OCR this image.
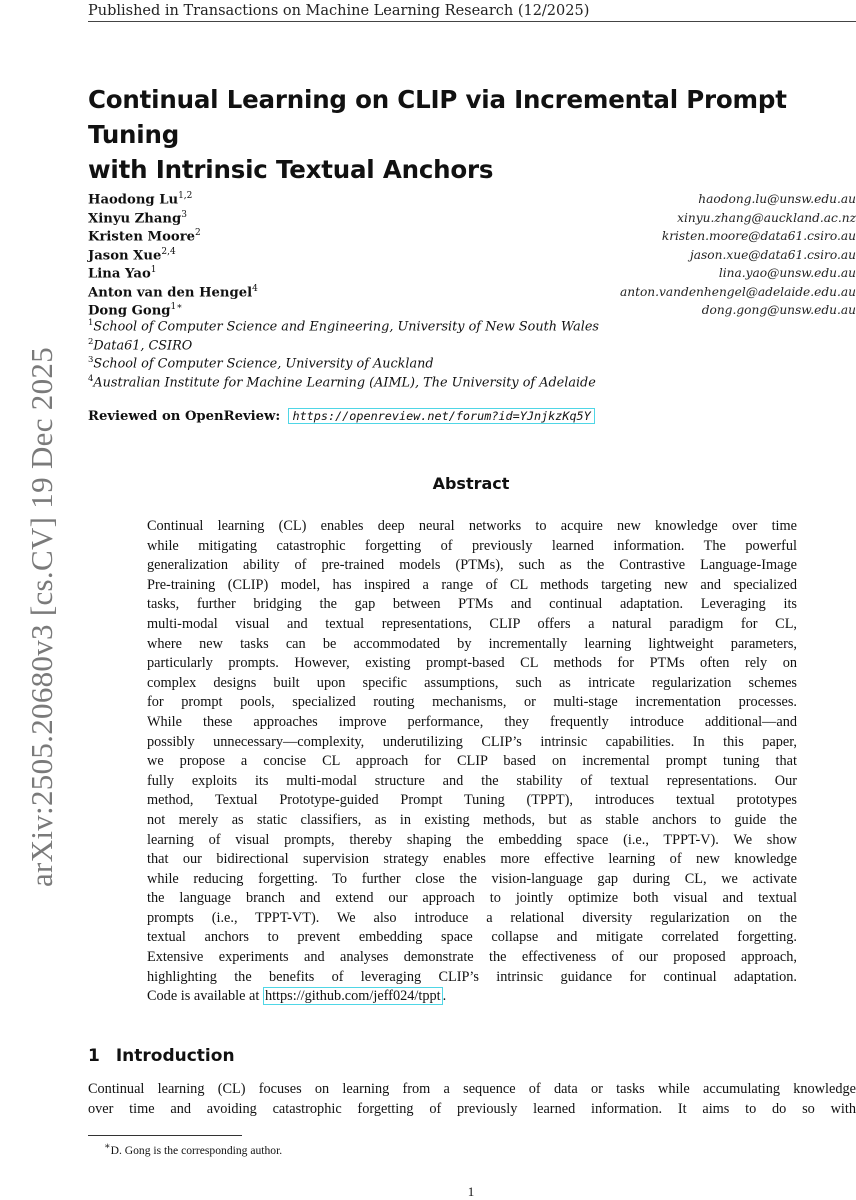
Published in Transactions on Machine Learning Research (12/2025)
arXiv:2505.20680v3 [cs.CV] 19 Dec 2025
Continual Learning on CLIP via Incremental Prompt Tuning
with Intrinsic Textual Anchors
Haodong Lu$^{1,2}$	haodong.lu@unsw.edu.au
Xinyu Zhang$^3$	xinyu.zhang@auckland.ac.nz
Kristen Moore$^2$	kristen.moore@data61.csiro.au
Jason Xue$^{2,4}$	jason.xue@data61.csiro.au
Lina Yao$^1$	lina.yao@unsw.edu.au
Anton van den Hengel$^4$	anton.vandenhengel@adelaide.edu.au
Dong Gong$^{1∗}$	dong.gong@unsw.edu.au
$^1$School of Computer Science and Engineering, University of New South Wales
$^2$Data61, CSIRO
$^3$School of Computer Science, University of Auckland
$^4$Australian Institute for Machine Learning (AIML), The University of Adelaide
Reviewed on OpenReview: https://openreview.net/forum?id=YJnjkzKq5Y
Abstract
Continual learning (CL) enables deep neural networks to acquire new knowledge over time
while mitigating catastrophic forgetting of previously learned information. The powerful
generalization ability of pre-trained models (PTMs), such as the Contrastive Language-Image
Pre-training (CLIP) model, has inspired a range of CL methods targeting new and specialized
tasks, further bridging the gap between PTMs and continual adaptation. Leveraging its
multi-modal visual and textual representations, CLIP offers a natural paradigm for CL,
where new tasks can be accommodated by incrementally learning lightweight parameters,
particularly prompts. However, existing prompt-based CL methods for PTMs often rely on
complex designs built upon specific assumptions, such as intricate regularization schemes
for prompt pools, specialized routing mechanisms, or multi-stage incrementation processes.
While these approaches improve performance, they frequently introduce additional—and
possibly unnecessary—complexity, underutilizing CLIP’s intrinsic capabilities. In this paper,
we propose a concise CL approach for CLIP based on incremental prompt tuning that
fully exploits its multi-modal structure and the stability of textual representations. Our
method, Textual Prototype-guided Prompt Tuning (TPPT), introduces textual prototypes
not merely as static classifiers, as in existing methods, but as stable anchors to guide the
learning of visual prompts, thereby shaping the embedding space (i.e., TPPT-V). We show
that our bidirectional supervision strategy enables more effective learning of new knowledge
while reducing forgetting. To further close the vision-language gap during CL, we activate
the language branch and extend our approach to jointly optimize both visual and textual
prompts (i.e., TPPT-VT). We also introduce a relational diversity regularization on the
textual anchors to prevent embedding space collapse and mitigate correlated forgetting.
Extensive experiments and analyses demonstrate the effectiveness of our proposed approach,
highlighting the benefits of leveraging CLIP’s intrinsic guidance for continual adaptation.
Code is available at https://github.com/jeff024/tppt .
1 Introduction
Continual learning (CL) focuses on learning from a sequence of data or tasks while accumulating knowledge
over time and avoiding catastrophic forgetting of previously learned information. It aims to do so with
∗D. Gong is the corresponding author.
1
